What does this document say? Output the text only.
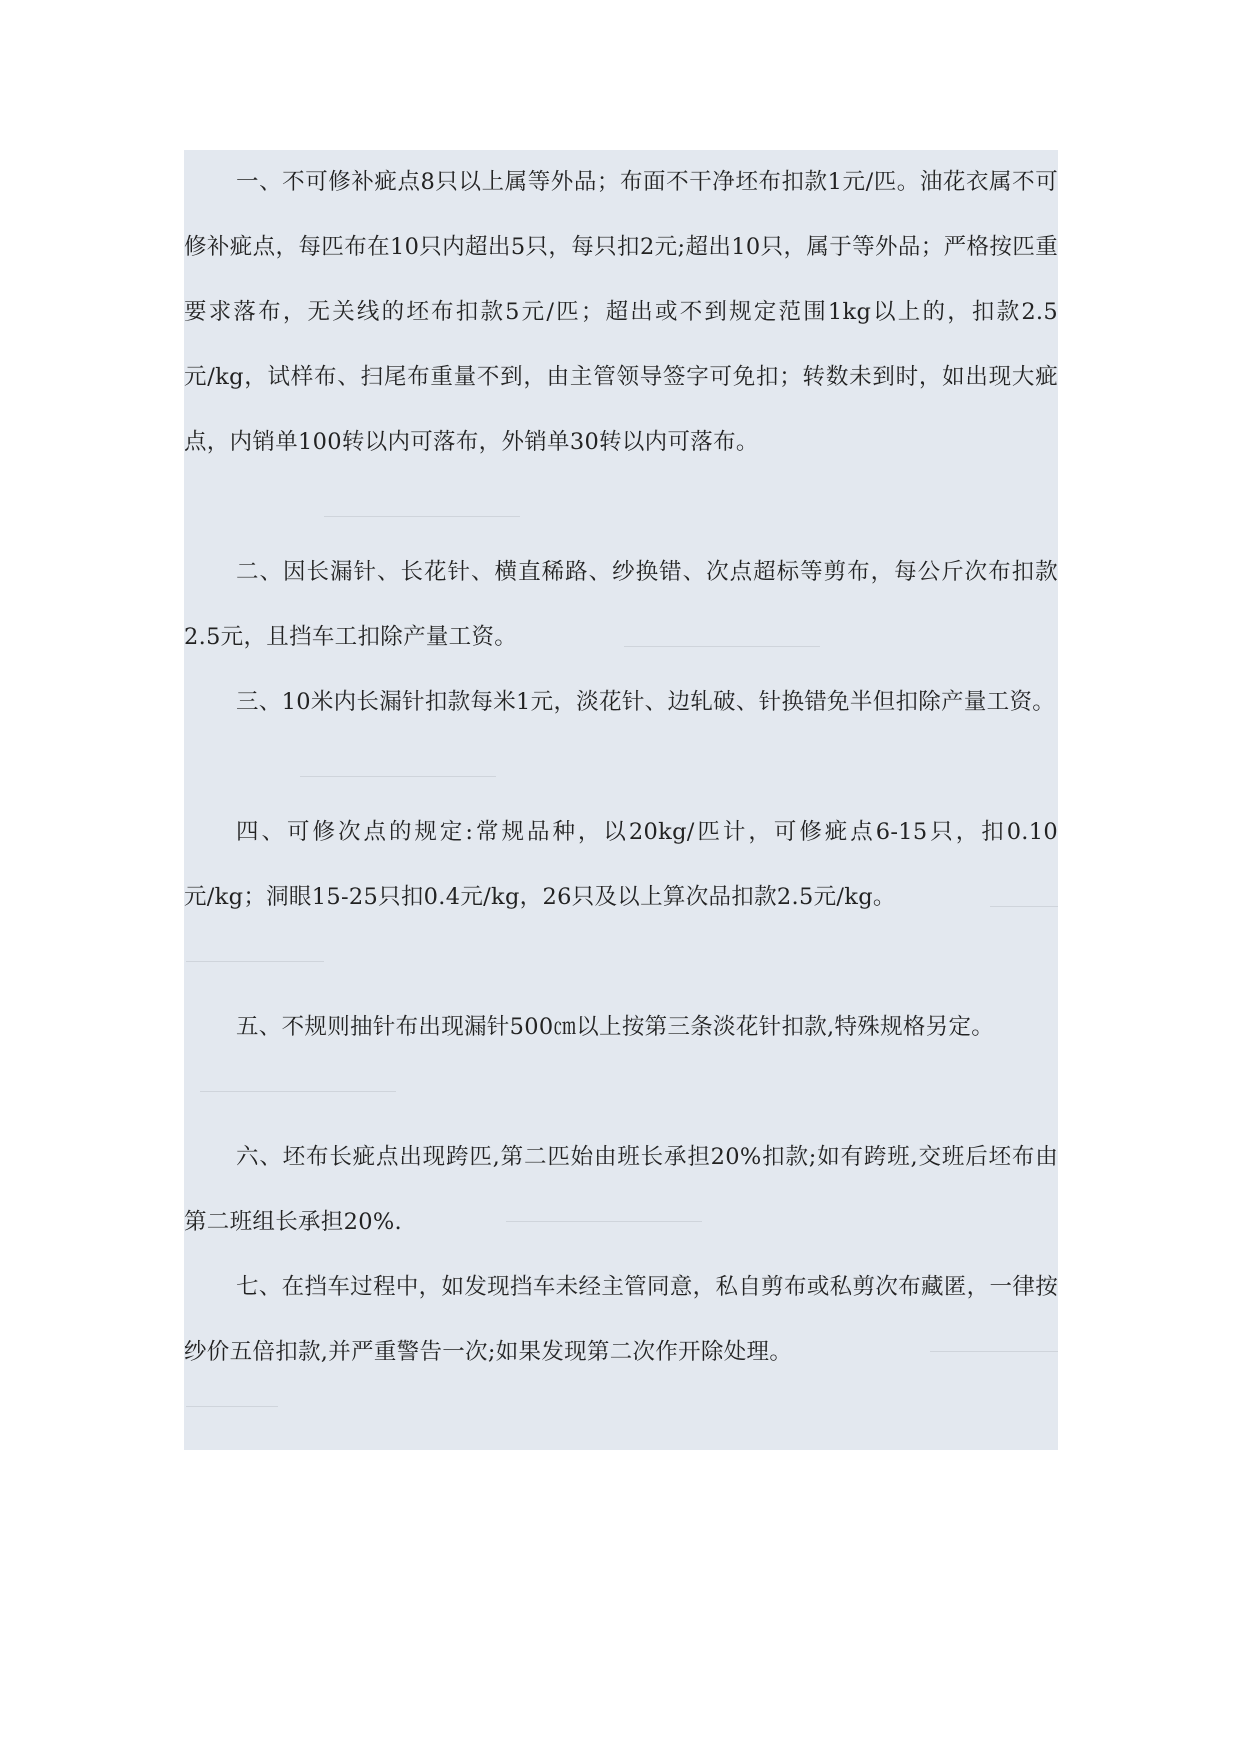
一、不可修补疵点8只以上属等外品；布面不干净坯布扣款1元/匹。油花衣属不可修补疵点，每匹布在10只内超出5只，每只扣2元;超出10只，属于等外品；严格按匹重要求落布，无关线的坯布扣款5元/匹；超出或不到规定范围1kg以上的，扣款2.5元/kg，试样布、扫尾布重量不到，由主管领导签字可免扣；转数未到时，如出现大疵点，内销单100转以内可落布，外销单30转以内可落布。

二、因长漏针、长花针、横直稀路、纱换错、次点超标等剪布，每公斤次布扣款2.5元，且挡车工扣除产量工资。

三、10米内长漏针扣款每米1元，淡花针、边轧破、针换错免半但扣除产量工资。

四、可修次点的规定:常规品种，以20kg/匹计，可修疵点6-15只，扣0.10元/kg；洞眼15-25只扣0.4元/kg，26只及以上算次品扣款2.5元/kg。

五、不规则抽针布出现漏针500㎝以上按第三条淡花针扣款,特殊规格另定。

六、坯布长疵点出现跨匹,第二匹始由班长承担20%扣款;如有跨班,交班后坯布由第二班组长承担20%.

七、在挡车过程中，如发现挡车未经主管同意，私自剪布或私剪次布藏匿，一律按纱价五倍扣款,并严重警告一次;如果发现第二次作开除处理。
